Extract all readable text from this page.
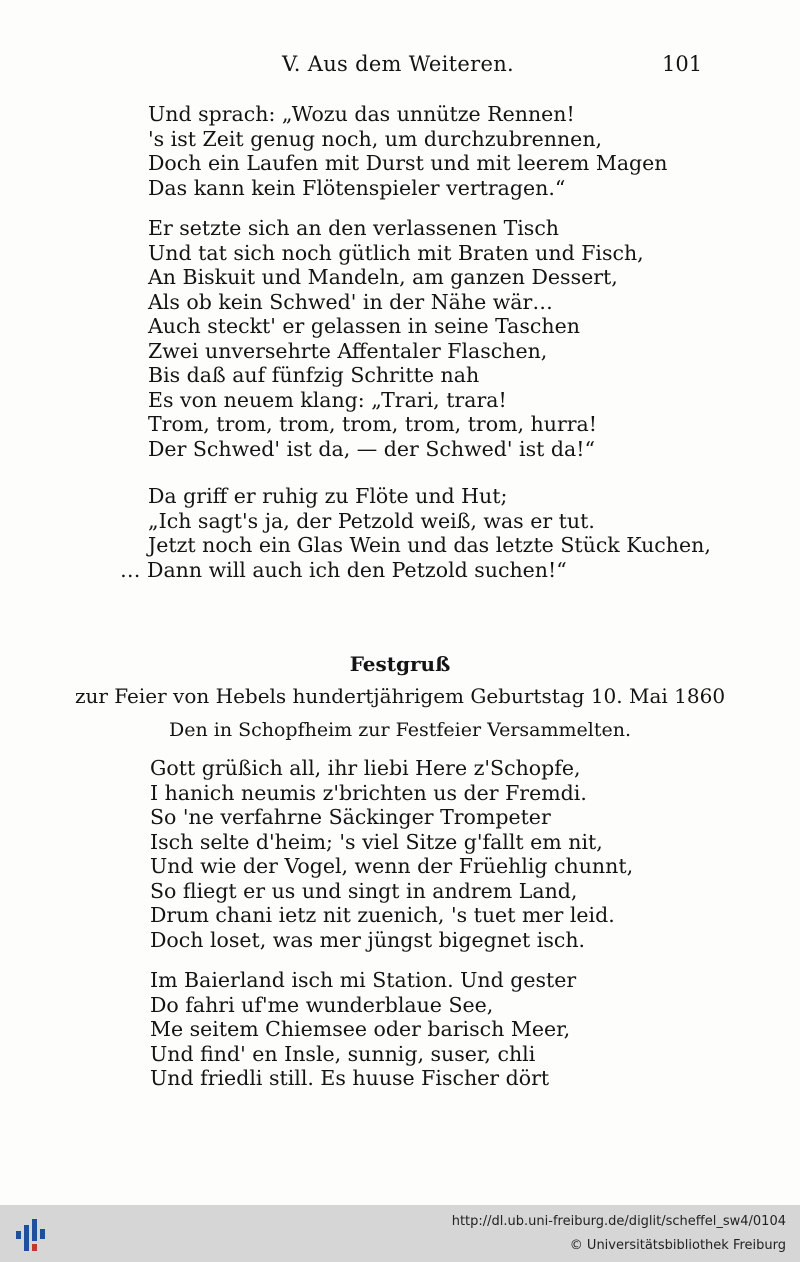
V. Aus dem Weiteren.	101
Und sprach: „Wozu das unnütze Rennen!
's ist Zeit genug noch, um durchzubrennen,
Doch ein Laufen mit Durst und mit leerem Magen
Das kann kein Flötenspieler vertragen.“
Er setzte sich an den verlassenen Tisch
Und tat sich noch gütlich mit Braten und Fisch,
An Biskuit und Mandeln, am ganzen Dessert,
Als ob kein Schwed' in der Nähe wär…
Auch steckt' er gelassen in seine Taschen
Zwei unversehrte Affentaler Flaschen,
Bis daß auf fünfzig Schritte nah
Es von neuem klang: „Trari, trara!
Trom, trom, trom, trom, trom, trom, hurra!
Der Schwed' ist da, — der Schwed' ist da!“
Da griff er ruhig zu Flöte und Hut;
„Ich sagt's ja, der Petzold weiß, was er tut.
Jetzt noch ein Glas Wein und das letzte Stück Kuchen,
… Dann will auch ich den Petzold suchen!“
Festgruß
zur Feier von Hebels hundertjährigem Geburtstag 10. Mai 1860
Den in Schopfheim zur Festfeier Versammelten.
Gott grüßich all, ihr liebi Here z'Schopfe,
I hanich neumis z'brichten us der Fremdi.
So 'ne verfahrne Säckinger Trompeter
Isch selte d'heim; 's viel Sitze g'fallt em nit,
Und wie der Vogel, wenn der Früehlig chunnt,
So fliegt er us und singt in andrem Land,
Drum chani ietz nit zuenich, 's tuet mer leid.
Doch loset, was mer jüngst bigegnet isch.
Im Baierland isch mi Station. Und gester
Do fahri uf'me wunderblaue See,
Me seitem Chiemsee oder barisch Meer,
Und find' en Insle, sunnig, suser, chli
Und friedli still. Es huuse Fischer dört
http://dl.ub.uni-freiburg.de/diglit/scheffel_sw4/0104
© Universitätsbibliothek Freiburg
